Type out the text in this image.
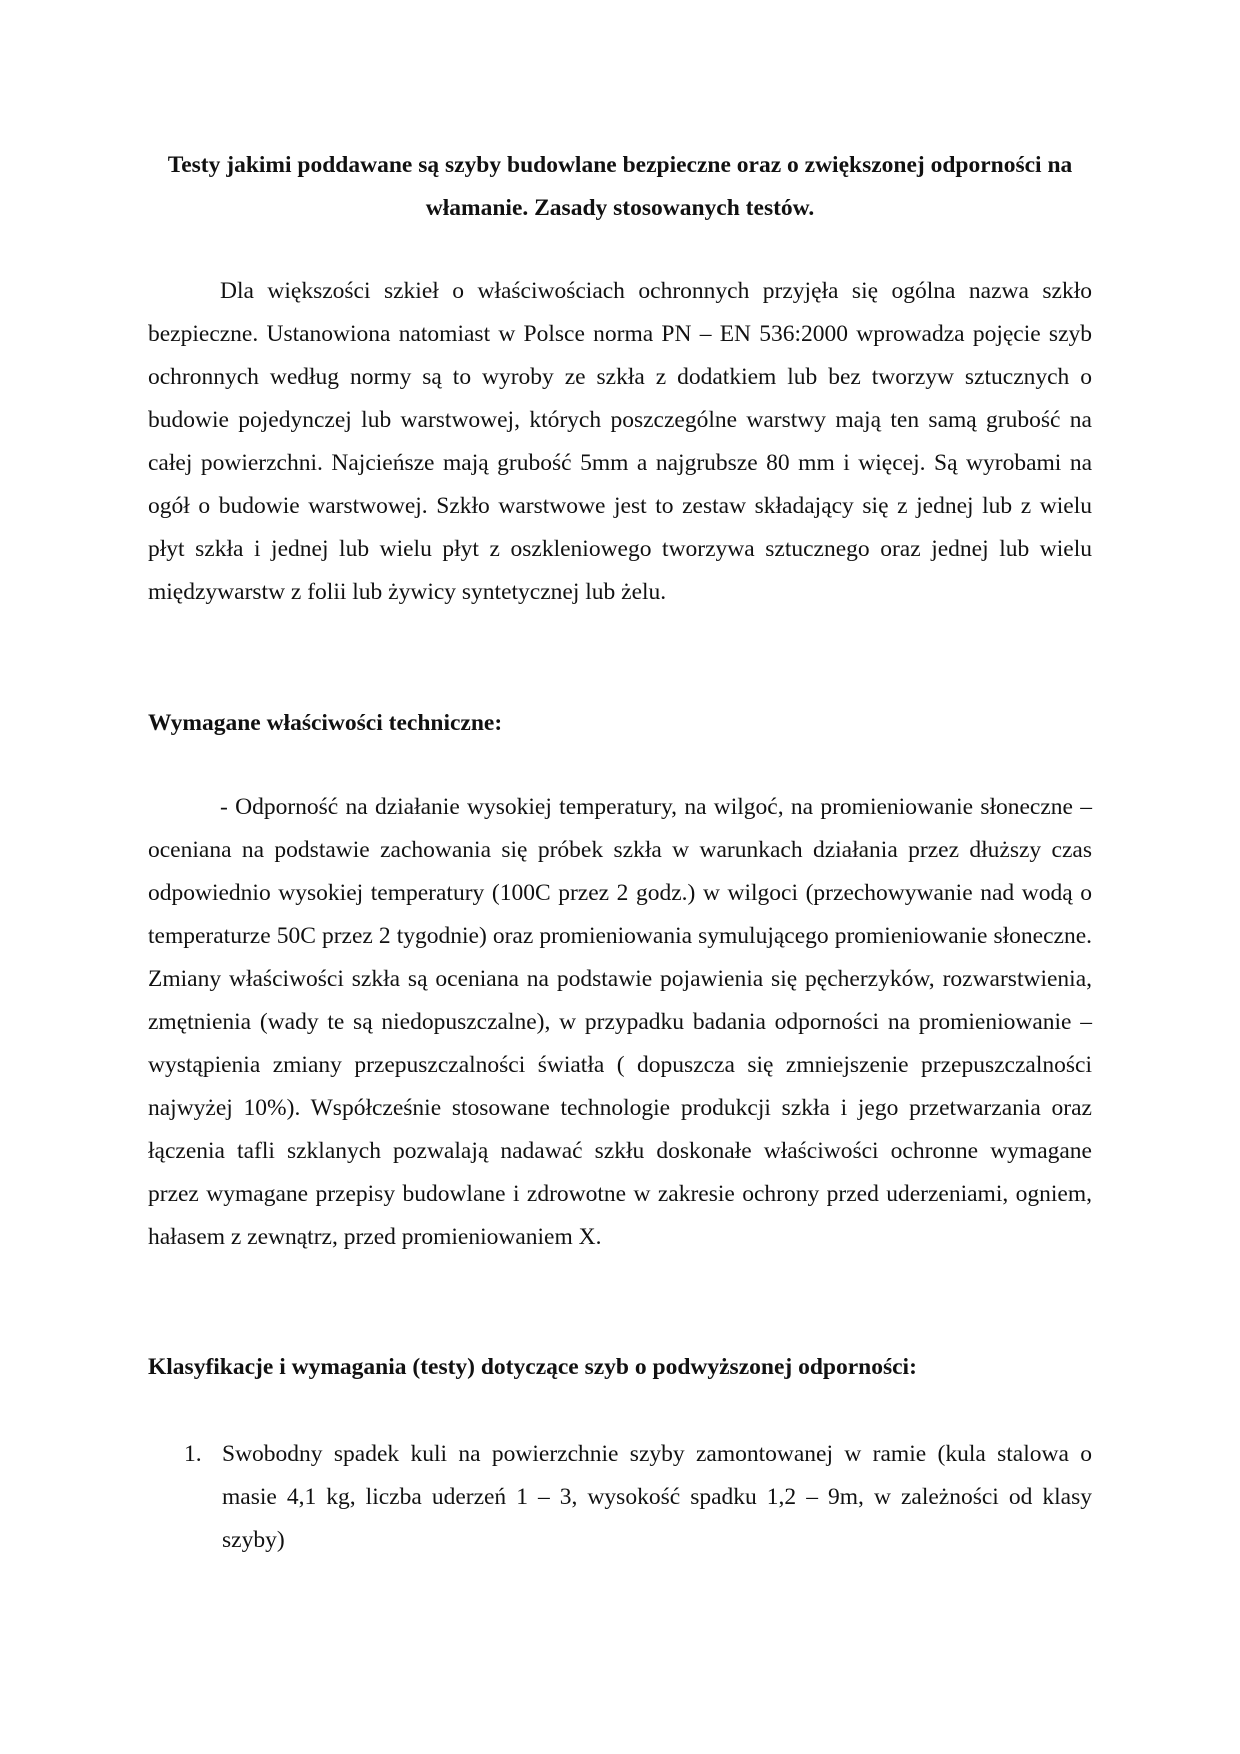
Testy jakimi poddawane są szyby budowlane bezpieczne oraz o zwiększonej odporności na włamanie. Zasady stosowanych testów.

Dla większości szkieł o właściwościach ochronnych przyjęła się ogólna nazwa szkło bezpieczne. Ustanowiona natomiast w Polsce norma PN – EN 536:2000 wprowadza pojęcie szyb ochronnych według normy są to wyroby ze szkła z dodatkiem lub bez tworzyw sztucznych o budowie pojedynczej lub warstwowej, których poszczególne warstwy mają ten samą grubość na całej powierzchni. Najcieńsze mają grubość 5mm a najgrubsze 80 mm i więcej. Są wyrobami na ogół o budowie warstwowej. Szkło warstwowe jest to zestaw składający się z jednej lub z wielu płyt szkła i jednej lub wielu płyt z oszkleniowego tworzywa sztucznego oraz jednej lub wielu międzywarstw z folii lub żywicy syntetycznej lub żelu.

Wymagane właściwości techniczne:

- Odporność na działanie wysokiej temperatury, na wilgoć, na promieniowanie słoneczne – oceniana na podstawie zachowania się próbek szkła w warunkach działania przez dłuższy czas odpowiednio wysokiej temperatury (100C przez 2 godz.) w wilgoci (przechowywanie nad wodą o temperaturze 50C przez 2 tygodnie) oraz promieniowania symulującego promieniowanie słoneczne. Zmiany właściwości szkła są oceniana na podstawie pojawienia się pęcherzyków, rozwarstwienia, zmętnienia (wady te są niedopuszczalne), w przypadku badania odporności na promieniowanie – wystąpienia zmiany przepuszczalności światła ( dopuszcza się zmniejszenie przepuszczalności najwyżej 10%). Współcześnie stosowane technologie produkcji szkła i jego przetwarzania oraz łączenia tafli szklanych pozwalają nadawać szkłu doskonałe właściwości ochronne wymagane przez wymagane przepisy budowlane i zdrowotne w zakresie ochrony przed uderzeniami, ogniem, hałasem z zewnątrz, przed promieniowaniem X.

Klasyfikacje i wymagania (testy) dotyczące szyb o podwyższonej odporności:
1. Swobodny spadek kuli na powierzchnie szyby zamontowanej w ramie (kula stalowa o masie 4,1 kg, liczba uderzeń 1 – 3, wysokość spadku 1,2 – 9m, w zależności od klasy szyby)
